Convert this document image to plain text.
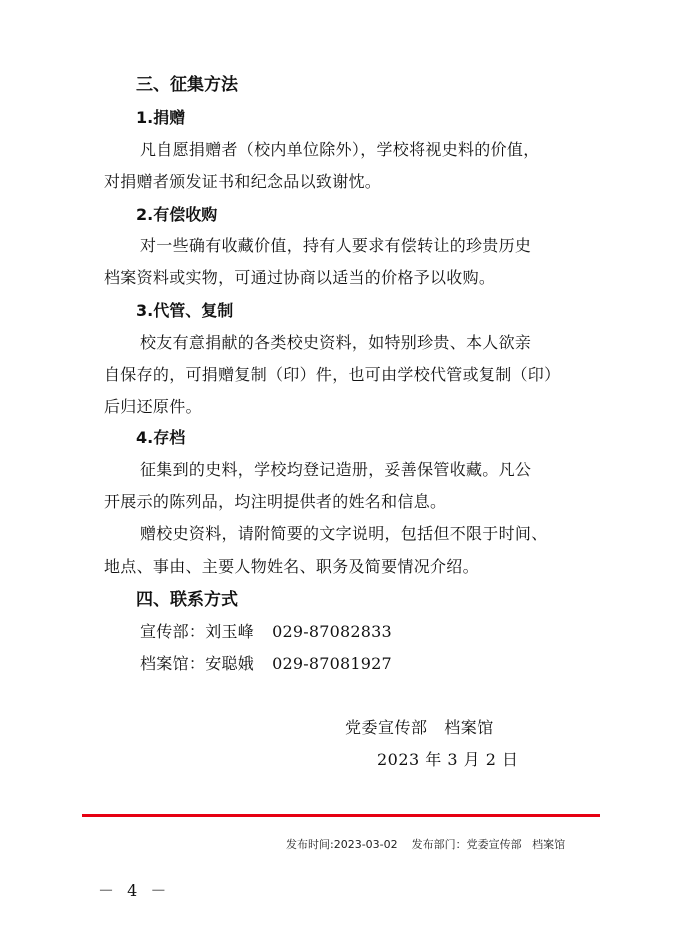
三、征集方法
1.捐赠
凡自愿捐赠者（校内单位除外），学校将视史料的价值，
对捐赠者颁发证书和纪念品以致谢忱。
2.有偿收购
对一些确有收藏价值，持有人要求有偿转让的珍贵历史
档案资料或实物，可通过协商以适当的价格予以收购。
3.代管、复制
校友有意捐献的各类校史资料，如特别珍贵、本人欲亲
自保存的，可捐赠复制（印）件，也可由学校代管或复制（印）
后归还原件。
4.存档
征集到的史料，学校均登记造册，妥善保管收藏。凡公
开展示的陈列品，均注明提供者的姓名和信息。
赠校史资料，请附简要的文字说明，包括但不限于时间、
地点、事由、主要人物姓名、职务及简要情况介绍。
四、联系方式
宣传部：刘玉峰 029-87082833
档案馆：安聪娥 029-87081927
党委宣传部   档案馆
2023 年 3 月 2 日
发布时间:2023-03-02 发布部门：党委宣传部   档案馆
－ 4 －
